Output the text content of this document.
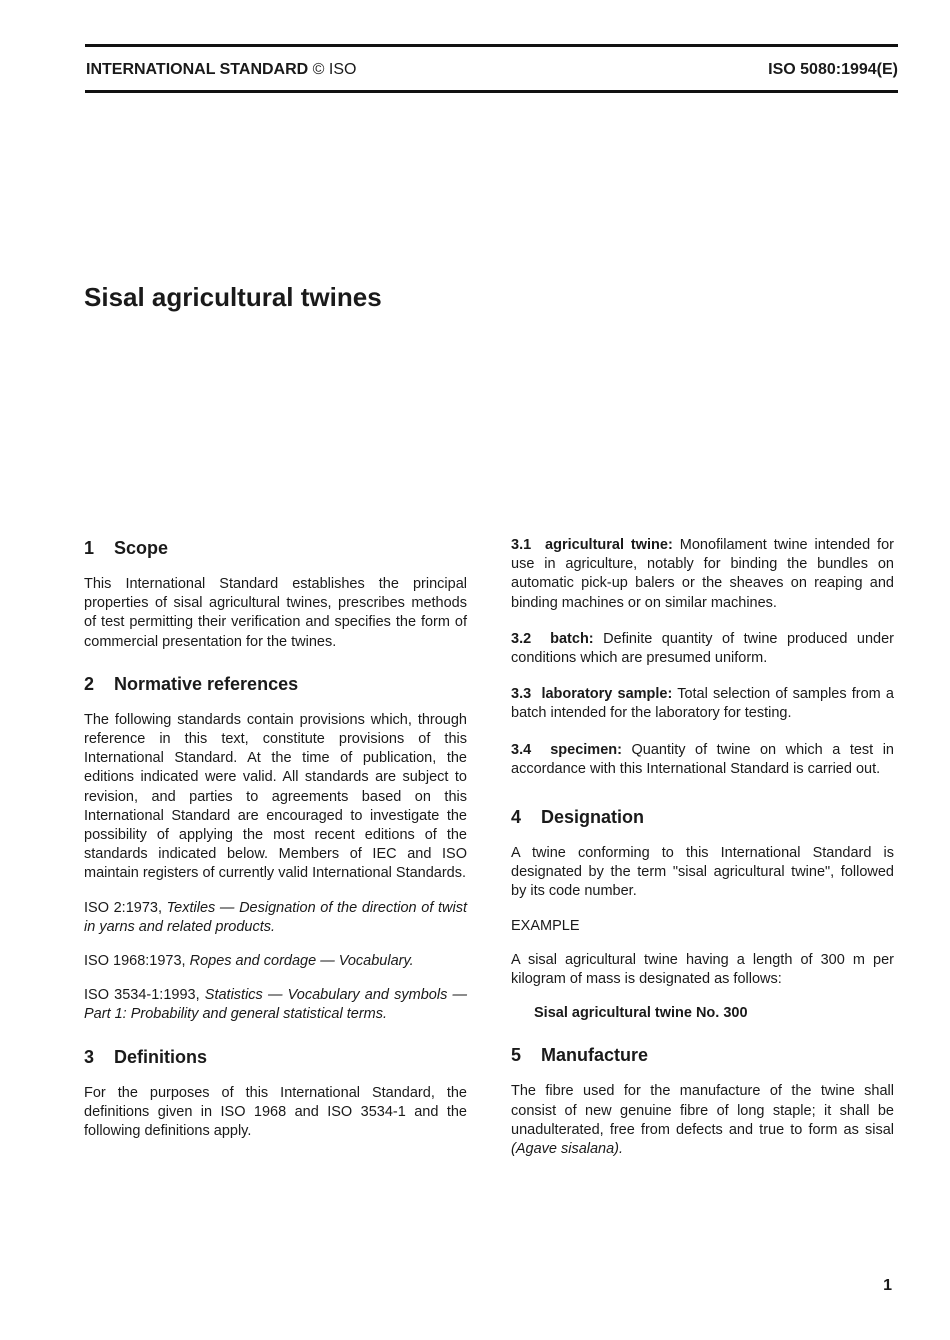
INTERNATIONAL STANDARD © ISO	ISO 5080:1994(E)
Sisal agricultural twines
1 Scope

This International Standard establishes the principal properties of sisal agricultural twines, prescribes methods of test permitting their verification and specifies the form of commercial presentation for the twines.

2 Normative references

The following standards contain provisions which, through reference in this text, constitute provisions of this International Standard. At the time of publication, the editions indicated were valid. All standards are subject to revision, and parties to agreements based on this International Standard are encouraged to investigate the possibility of applying the most recent editions of the standards indicated below. Members of IEC and ISO maintain registers of currently valid International Standards.

ISO 2:1973, Textiles — Designation of the direction of twist in yarns and related products.

ISO 1968:1973, Ropes and cordage — Vocabulary.

ISO 3534-1:1993, Statistics — Vocabulary and symbols — Part 1: Probability and general statistical terms.

3 Definitions

For the purposes of this International Standard, the definitions given in ISO 1968 and ISO 3534-1 and the following definitions apply.

3.1 agricultural twine: Monofilament twine intended for use in agriculture, notably for binding the bundles on automatic pick-up balers or the sheaves on reaping and binding machines or on similar machines.

3.2 batch: Definite quantity of twine produced under conditions which are presumed uniform.

3.3 laboratory sample: Total selection of samples from a batch intended for the laboratory for testing.

3.4 specimen: Quantity of twine on which a test in accordance with this International Standard is carried out.

4 Designation

A twine conforming to this International Standard is designated by the term "sisal agricultural twine", followed by its code number.

EXAMPLE

A sisal agricultural twine having a length of 300 m per kilogram of mass is designated as follows:

Sisal agricultural twine No. 300

5 Manufacture

The fibre used for the manufacture of the twine shall consist of new genuine fibre of long staple; it shall be unadulterated, free from defects and true to form as sisal (Agave sisalana).

1
